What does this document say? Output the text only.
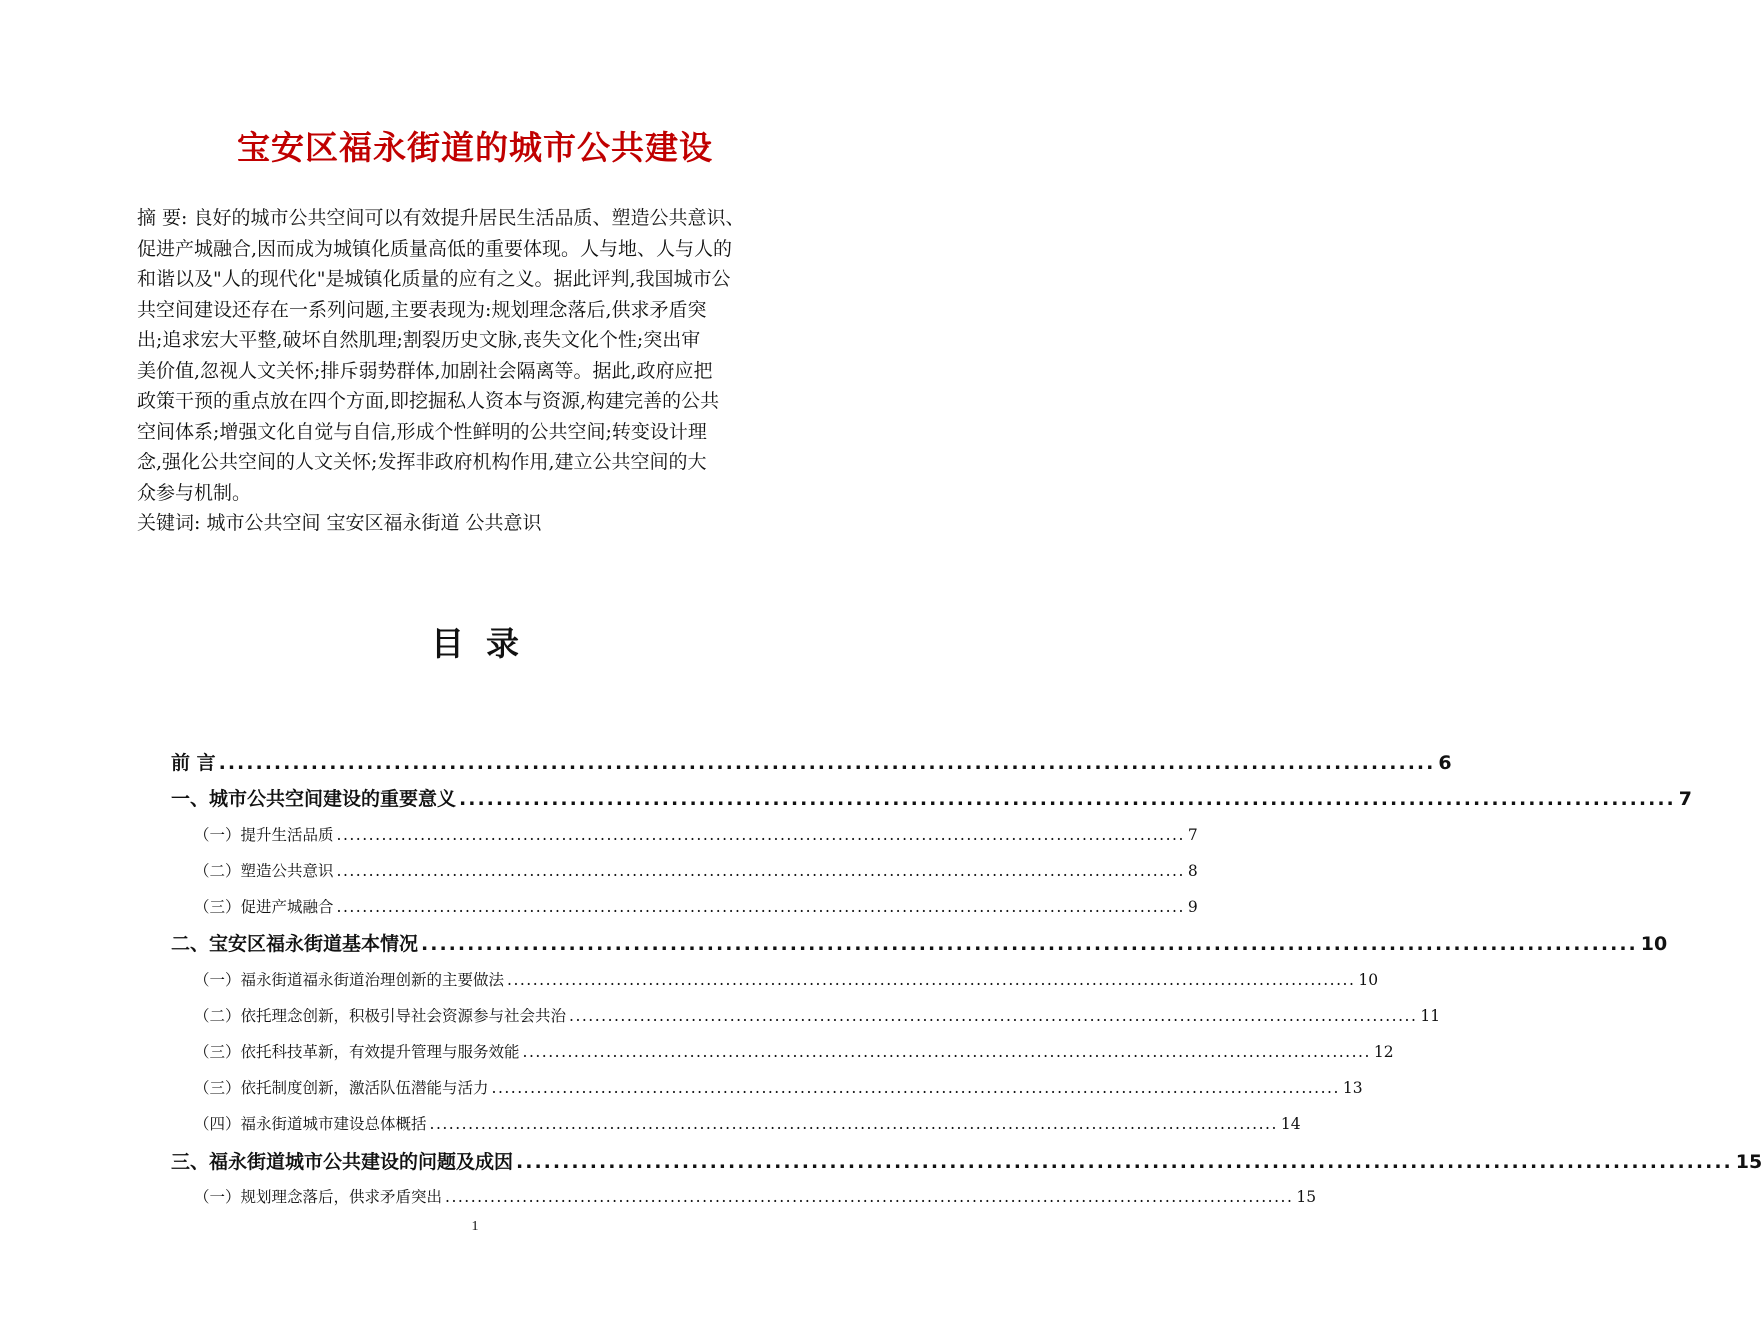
宝安区福永街道的城市公共建设
摘 要: 良好的城市公共空间可以有效提升居民生活品质、塑造公共意识、
促进产城融合,因而成为城镇化质量高低的重要体现。人与地、人与人的
和谐以及"人的现代化"是城镇化质量的应有之义。据此评判,我国城市公
共空间建设还存在一系列问题,主要表现为:规划理念落后,供求矛盾突
出;追求宏大平整,破坏自然肌理;割裂历史文脉,丧失文化个性;突出审
美价值,忽视人文关怀;排斥弱势群体,加剧社会隔离等。据此,政府应把
政策干预的重点放在四个方面,即挖掘私人资本与资源,构建完善的公共
空间体系;增强文化自觉与自信,形成个性鲜明的公共空间;转变设计理
念,强化公共空间的人文关怀;发挥非政府机构作用,建立公共空间的大
众参与机制。
关键词: 城市公共空间 宝安区福永街道 公共意识
目录
前 言 .................................................................................................................................... 6
一、城市公共空间建设的重要意义 .................................................................................................................................... 7
（一）提升生活品质 .................................................................................................................................... 7
（二）塑造公共意识 .................................................................................................................................... 8
（三）促进产城融合 .................................................................................................................................... 9
二、宝安区福永街道基本情况 .................................................................................................................................... 10
（一）福永街道福永街道治理创新的主要做法 .................................................................................................................................... 10
（二）依托理念创新，积极引导社会资源参与社会共治 .................................................................................................................................... 11
（三）依托科技革新，有效提升管理与服务效能 .................................................................................................................................... 12
（三）依托制度创新，激活队伍潜能与活力 .................................................................................................................................... 13
（四）福永街道城市建设总体概括 .................................................................................................................................... 14
三、福永街道城市公共建设的问题及成因 .................................................................................................................................... 15
（一）规划理念落后，供求矛盾突出 .................................................................................................................................... 15
1
